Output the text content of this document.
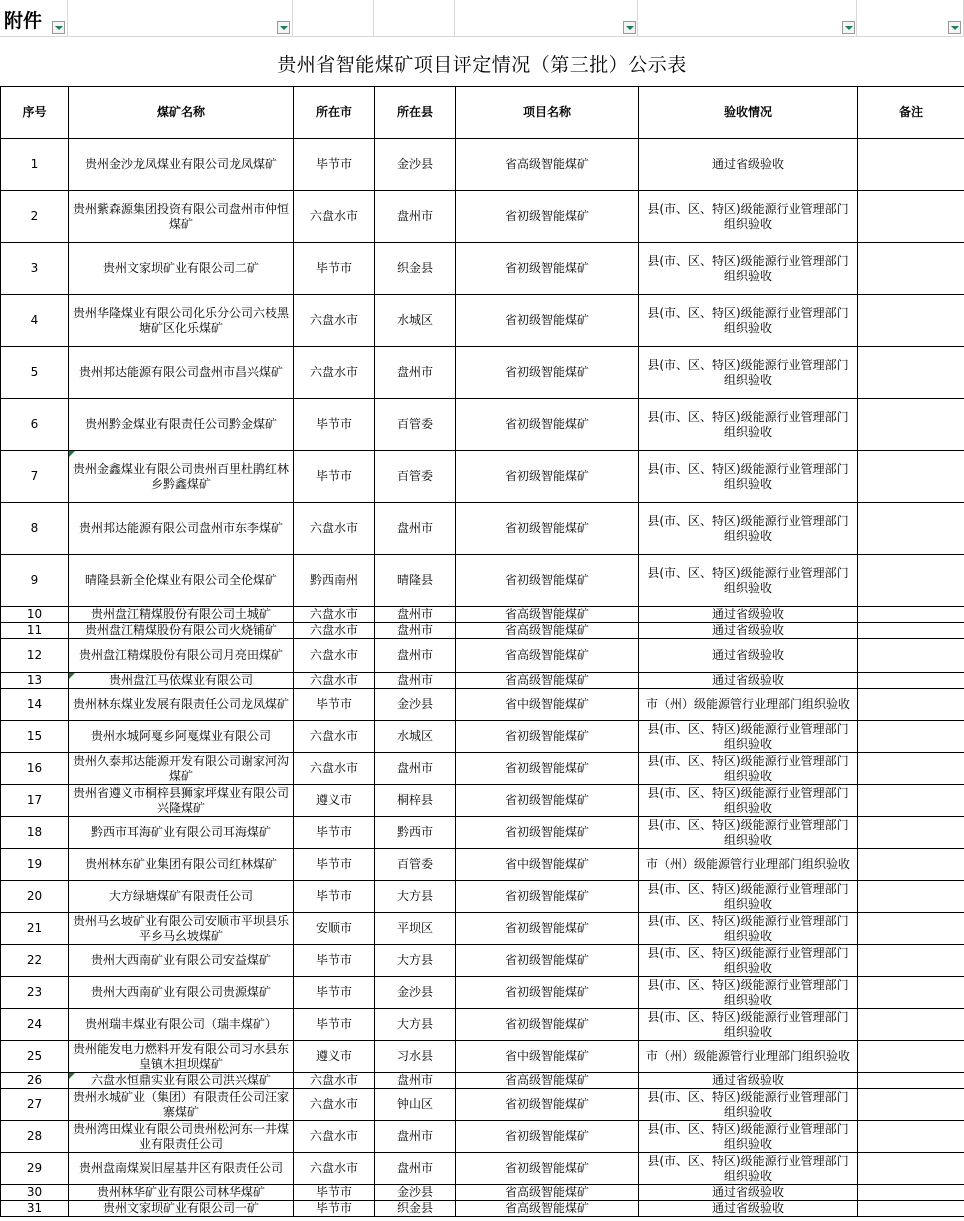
附件
贵州省智能煤矿项目评定情况（第三批）公示表
序号	煤矿名称	所在市	所在县	项目名称	验收情况	备注
1	贵州金沙龙凤煤业有限公司龙凤煤矿	毕节市	金沙县	省高级智能煤矿	通过省级验收	
2	贵州紫森源集团投资有限公司盘州市仲恒煤矿	六盘水市	盘州市	省初级智能煤矿	县(市、区、特区)级能源行业管理部门组织验收	
3	贵州文家坝矿业有限公司二矿	毕节市	织金县	省初级智能煤矿	县(市、区、特区)级能源行业管理部门组织验收	
4	贵州华隆煤业有限公司化乐分公司六枝黑塘矿区化乐煤矿	六盘水市	水城区	省初级智能煤矿	县(市、区、特区)级能源行业管理部门组织验收	
5	贵州邦达能源有限公司盘州市昌兴煤矿	六盘水市	盘州市	省初级智能煤矿	县(市、区、特区)级能源行业管理部门组织验收	
6	贵州黔金煤业有限责任公司黔金煤矿	毕节市	百管委	省初级智能煤矿	县(市、区、特区)级能源行业管理部门组织验收	
7	贵州金鑫煤业有限公司贵州百里杜鹃红林乡黔鑫煤矿	毕节市	百管委	省初级智能煤矿	县(市、区、特区)级能源行业管理部门组织验收	
8	贵州邦达能源有限公司盘州市东李煤矿	六盘水市	盘州市	省初级智能煤矿	县(市、区、特区)级能源行业管理部门组织验收	
9	晴隆县新全伦煤业有限公司全伦煤矿	黔西南州	晴隆县	省初级智能煤矿	县(市、区、特区)级能源行业管理部门组织验收	
10	贵州盘江精煤股份有限公司土城矿	六盘水市	盘州市	省高级智能煤矿	通过省级验收	
11	贵州盘江精煤股份有限公司火烧铺矿	六盘水市	盘州市	省高级智能煤矿	通过省级验收	
12	贵州盘江精煤股份有限公司月亮田煤矿	六盘水市	盘州市	省高级智能煤矿	通过省级验收	
13	贵州盘江马依煤业有限公司	六盘水市	盘州市	省高级智能煤矿	通过省级验收	
14	贵州林东煤业发展有限责任公司龙凤煤矿	毕节市	金沙县	省中级智能煤矿	市（州）级能源管行业理部门组织验收	
15	贵州水城阿戛乡阿戛煤业有限公司	六盘水市	水城区	省初级智能煤矿	县(市、区、特区)级能源行业管理部门组织验收	
16	贵州久泰邦达能源开发有限公司谢家河沟煤矿	六盘水市	盘州市	省初级智能煤矿	县(市、区、特区)级能源行业管理部门组织验收	
17	贵州省遵义市桐梓县狮家坪煤业有限公司兴隆煤矿	遵义市	桐梓县	省初级智能煤矿	县(市、区、特区)级能源行业管理部门组织验收	
18	黔西市耳海矿业有限公司耳海煤矿	毕节市	黔西市	省初级智能煤矿	县(市、区、特区)级能源行业管理部门组织验收	
19	贵州林东矿业集团有限公司红林煤矿	毕节市	百管委	省中级智能煤矿	市（州）级能源管行业理部门组织验收	
20	大方绿塘煤矿有限责任公司	毕节市	大方县	省初级智能煤矿	县(市、区、特区)级能源行业管理部门组织验收	
21	贵州马幺坡矿业有限公司安顺市平坝县乐平乡马幺坡煤矿	安顺市	平坝区	省初级智能煤矿	县(市、区、特区)级能源行业管理部门组织验收	
22	贵州大西南矿业有限公司安益煤矿	毕节市	大方县	省初级智能煤矿	县(市、区、特区)级能源行业管理部门组织验收	
23	贵州大西南矿业有限公司贵源煤矿	毕节市	金沙县	省初级智能煤矿	县(市、区、特区)级能源行业管理部门组织验收	
24	贵州瑞丰煤业有限公司（瑞丰煤矿）	毕节市	大方县	省初级智能煤矿	县(市、区、特区)级能源行业管理部门组织验收	
25	贵州能发电力燃料开发有限公司习水县东皇镇木担坝煤矿	遵义市	习水县	省中级智能煤矿	市（州）级能源管行业理部门组织验收	
26	六盘水恒鼎实业有限公司洪兴煤矿	六盘水市	盘州市	省高级智能煤矿	通过省级验收	
27	贵州水城矿业（集团）有限责任公司汪家寨煤矿	六盘水市	钟山区	省初级智能煤矿	县(市、区、特区)级能源行业管理部门组织验收	
28	贵州湾田煤业有限公司贵州松河东一井煤业有限责任公司	六盘水市	盘州市	省初级智能煤矿	县(市、区、特区)级能源行业管理部门组织验收	
29	贵州盘南煤炭旧屋基井区有限责任公司	六盘水市	盘州市	省初级智能煤矿	县(市、区、特区)级能源行业管理部门组织验收	
30	贵州林华矿业有限公司林华煤矿	毕节市	金沙县	省高级智能煤矿	通过省级验收	
31	贵州文家坝矿业有限公司一矿	毕节市	织金县	省高级智能煤矿	通过省级验收	
